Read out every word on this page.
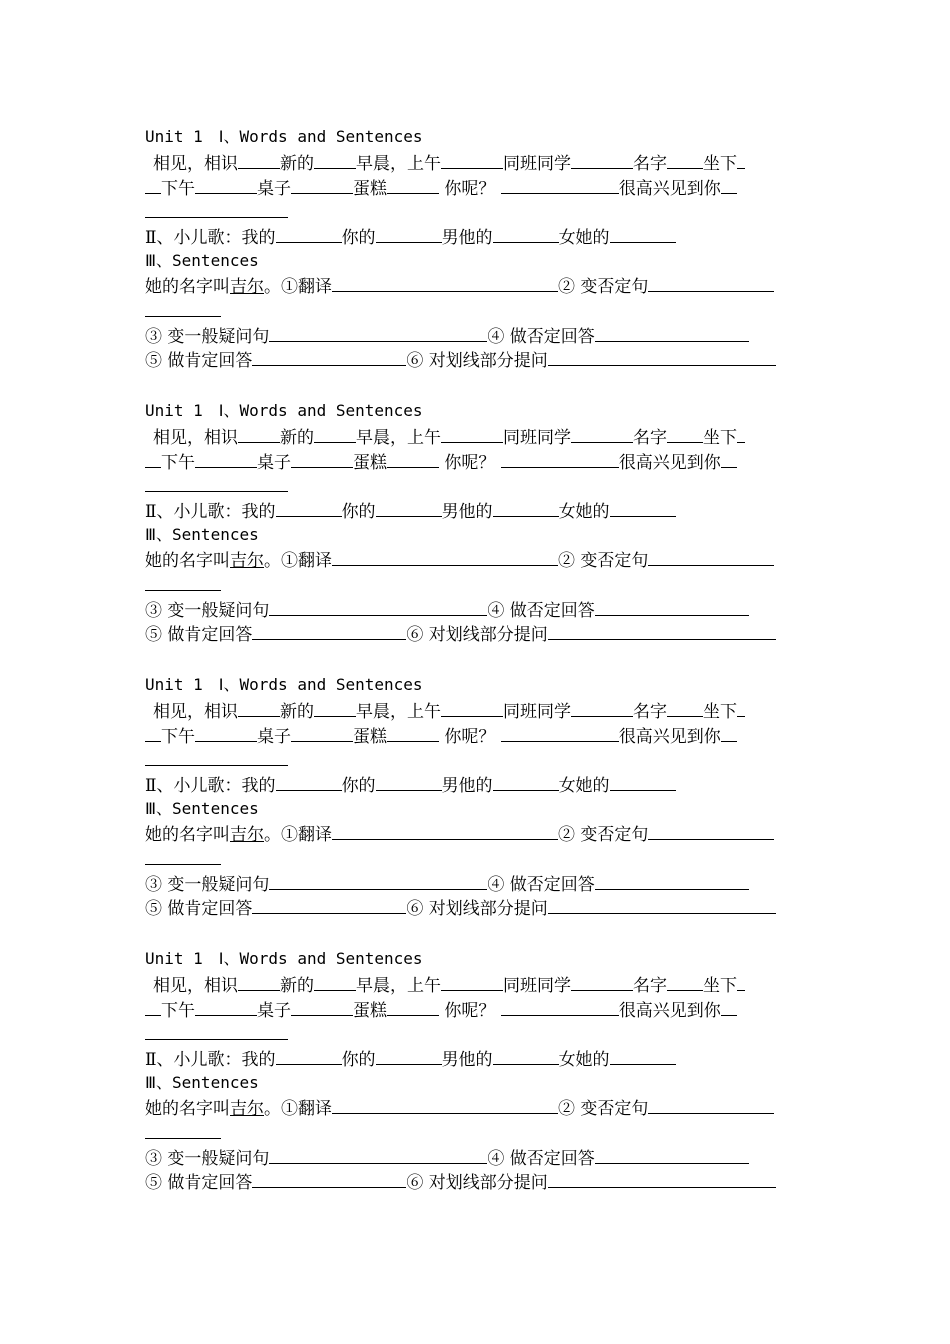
Unit 1　Ⅰ、Words and Sentences
相见，相识 新的 早晨，上午	同班同学	名字 坐下
下午	桌子	蛋糕	你呢？	很高兴见到你
Ⅱ、小儿歌：我的	你的	男他的	女她的
Ⅲ、Sentences
她的名字叫吉尔。①翻译	② 变否定句
③ 变一般疑问句	④ 做否定回答
⑤ 做肯定回答	⑥ 对划线部分提问
Unit 1　Ⅰ、Words and Sentences
相见，相识 新的 早晨，上午	同班同学	名字 坐下
下午	桌子	蛋糕	你呢？	很高兴见到你
Ⅱ、小儿歌：我的	你的	男他的	女她的
Ⅲ、Sentences
她的名字叫吉尔。①翻译	② 变否定句
③ 变一般疑问句	④ 做否定回答
⑤ 做肯定回答	⑥ 对划线部分提问
Unit 1　Ⅰ、Words and Sentences
相见，相识 新的 早晨，上午	同班同学	名字 坐下
下午	桌子	蛋糕	你呢？	很高兴见到你
Ⅱ、小儿歌：我的	你的	男他的	女她的
Ⅲ、Sentences
她的名字叫吉尔。①翻译	② 变否定句
③ 变一般疑问句	④ 做否定回答
⑤ 做肯定回答	⑥ 对划线部分提问
Unit 1　Ⅰ、Words and Sentences
相见，相识 新的 早晨，上午	同班同学	名字 坐下
下午	桌子	蛋糕	你呢？	很高兴见到你
Ⅱ、小儿歌：我的	你的	男他的	女她的
Ⅲ、Sentences
她的名字叫吉尔。①翻译	② 变否定句
③ 变一般疑问句	④ 做否定回答
⑤ 做肯定回答	⑥ 对划线部分提问
